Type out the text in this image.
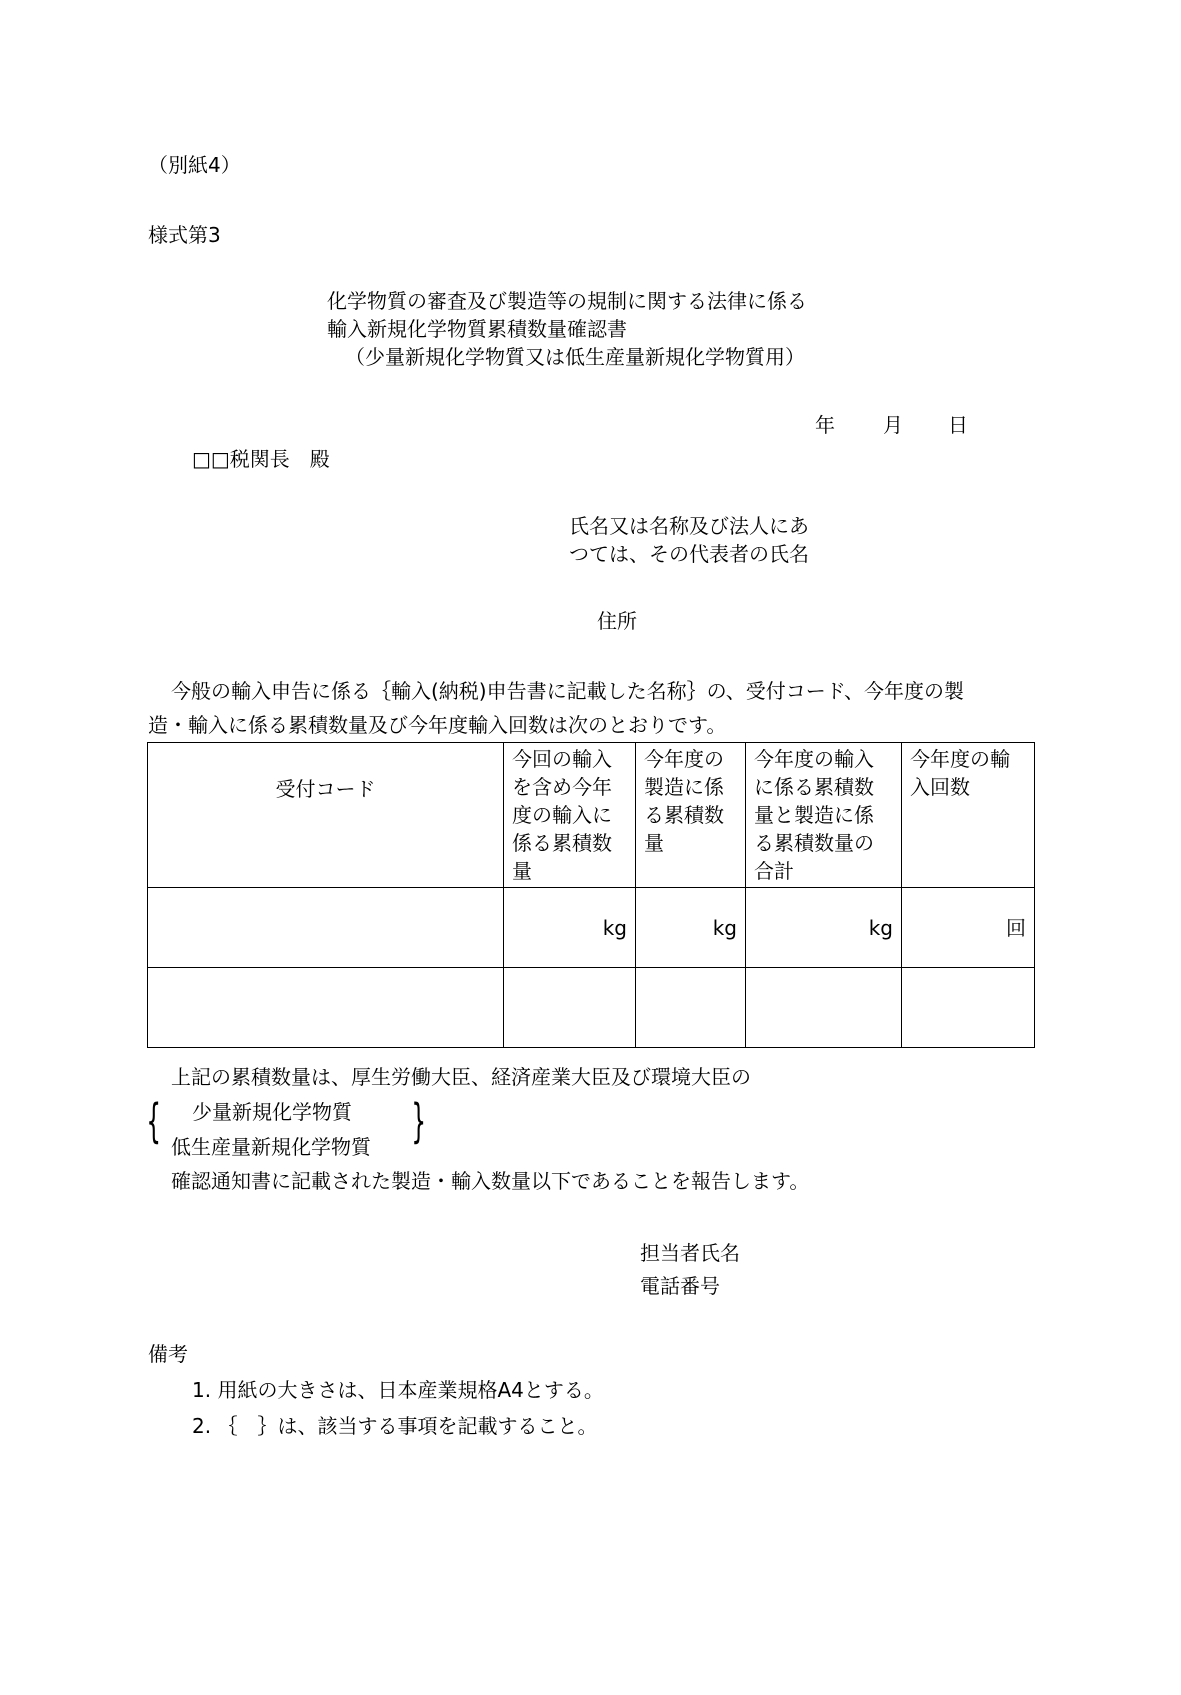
（別紙4）
様式第3
化学物質の審査及び製造等の規制に関する法律に係る
輸入新規化学物質累積数量確認書
（少量新規化学物質又は低生産量新規化学物質用）
年 月 日
□□税関長　殿
氏名又は名称及び法人にあ
つては、その代表者の氏名
住所
今般の輸入申告に係る｛輸入(納税)申告書に記載した名称｝の、受付コード、今年度の製
造・輸入に係る累積数量及び今年度輸入回数は次のとおりです。
受付コード	今回の輸入を含め今年度の輸入に係る累積数量	今年度の製造に係る累積数量	今年度の輸入に係る累積数量と製造に係る累積数量の合計	今年度の輸入回数
	kg	kg	kg	回

上記の累積数量は、厚生労働大臣、経済産業大臣及び環境大臣の
{ 少量新規化学物質
低生産量新規化学物質 }
確認通知書に記載された製造・輸入数量以下であることを報告します。
担当者氏名
電話番号
備考
1. 用紙の大きさは、日本産業規格A4とする。
2. ｛　｝は、該当する事項を記載すること。
